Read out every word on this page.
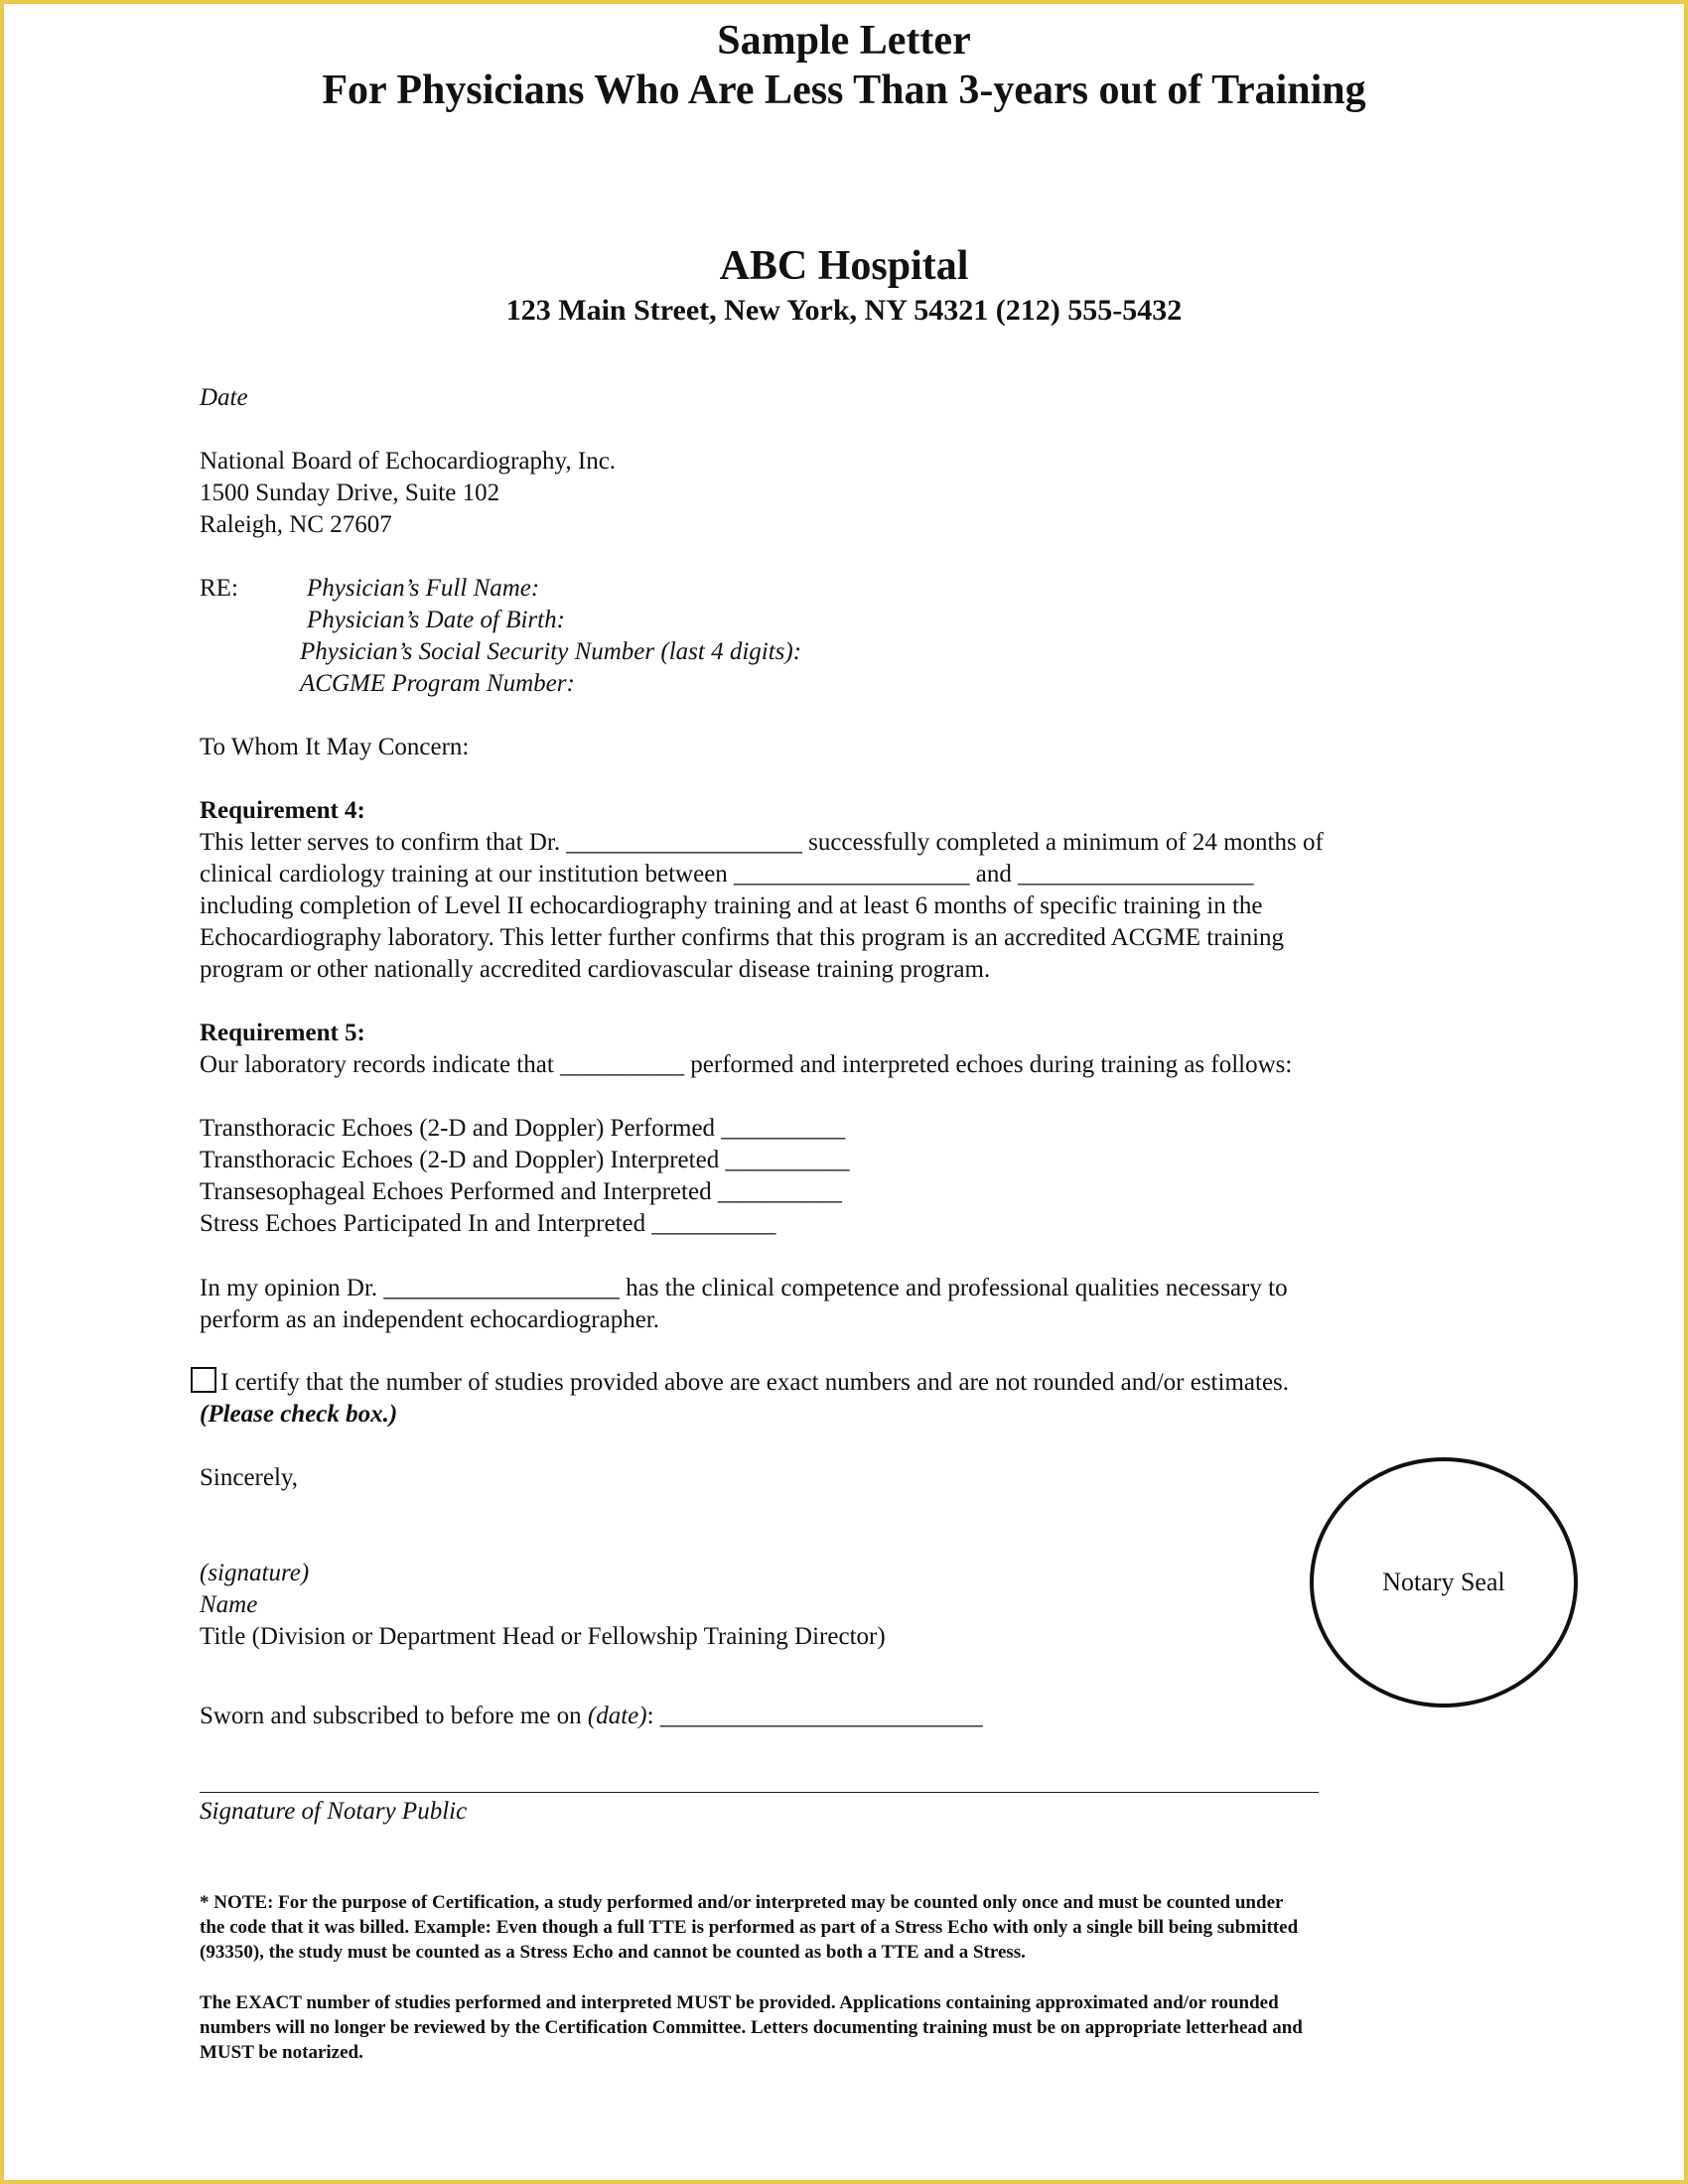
Sample Letter
For Physicians Who Are Less Than 3-years out of Training
ABC Hospital
123 Main Street, New York, NY 54321 (212) 555-5432
Date
National Board of Echocardiography, Inc.
1500 Sunday Drive, Suite 102
Raleigh, NC 27607
RE:	Physician’s Full Name:
Physician’s Date of Birth:
Physician’s Social Security Number (last 4 digits):
ACGME Program Number:
To Whom It May Concern:
Requirement 4:
This letter serves to confirm that Dr. ___________________ successfully completed a minimum of 24 months of
clinical cardiology training at our institution between ___________________ and ___________________
including completion of Level II echocardiography training and at least 6 months of specific training in the
Echocardiography laboratory. This letter further confirms that this program is an accredited ACGME training
program or other nationally accredited cardiovascular disease training program.
Requirement 5:
Our laboratory records indicate that __________ performed and interpreted echoes during training as follows:
Transthoracic Echoes (2-D and Doppler) Performed __________
Transthoracic Echoes (2-D and Doppler) Interpreted __________
Transesophageal Echoes Performed and Interpreted __________
Stress Echoes Participated In and Interpreted __________
In my opinion Dr. ___________________ has the clinical competence and professional qualities necessary to
perform as an independent echocardiographer.
I certify that the number of studies provided above are exact numbers and are not rounded and/or estimates.
(Please check box.)
Sincerely,
(signature)
Name
Title (Division or Department Head or Fellowship Training Director)
Notary Seal
Sworn and subscribed to before me on (date): __________________________
Signature of Notary Public
* NOTE: For the purpose of Certification, a study performed and/or interpreted may be counted only once and must be counted under
the code that it was billed. Example: Even though a full TTE is performed as part of a Stress Echo with only a single bill being submitted
(93350), the study must be counted as a Stress Echo and cannot be counted as both a TTE and a Stress.
The EXACT number of studies performed and interpreted MUST be provided. Applications containing approximated and/or rounded
numbers will no longer be reviewed by the Certification Committee. Letters documenting training must be on appropriate letterhead and
MUST be notarized.
